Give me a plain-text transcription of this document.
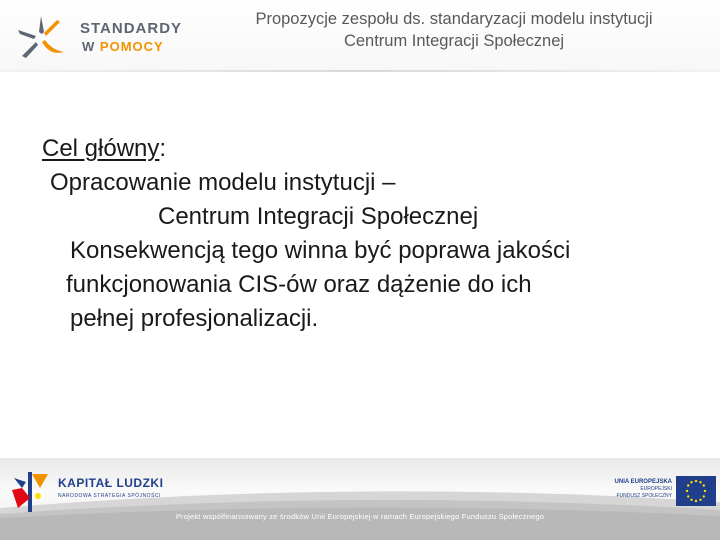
STANDARDY
W POMOCY
Propozycje zespołu ds. standaryzacji modelu instytucji
Centrum Integracji Społecznej
Cel główny:
Opracowanie modelu instytucji –
Centrum Integracji Społecznej
Konsekwencją tego winna być poprawa jakości
funkcjonowania CIS-ów oraz dążenie do ich
pełnej profesjonalizacji.
KAPITAŁ LUDZKI
NARODOWA STRATEGIA SPÓJNOŚCI
UNIA EUROPEJSKA
EUROPEJSKI
FUNDUSZ SPOŁECZNY
Projekt współfinansowany ze środków Unii Europejskiej w ramach Europejskiego Funduszu Społecznego
